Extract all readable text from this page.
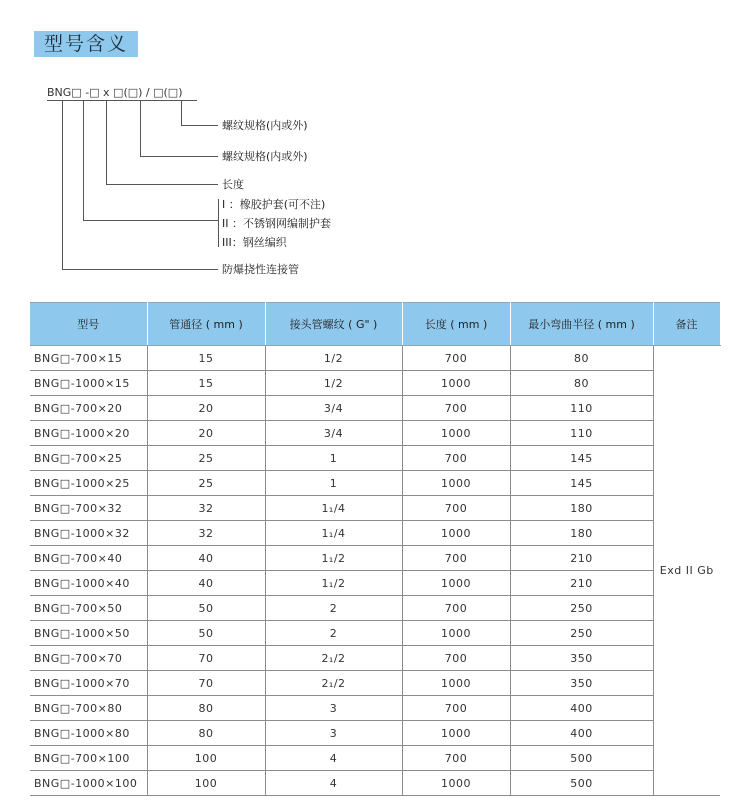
型号含义
BNG□ -□ x □(□) / □(□)
螺纹规格(内或外)
螺纹规格(内或外)
长度
I ：橡胶护套(可不注)
II ：不锈钢网编制护套
III：钢丝编织
防爆挠性连接管
型号	管通径 ( mm )	接头管螺纹 ( G" )	长度 ( mm )	最小弯曲半径 ( mm )	备注
BNG□-700×15	15	1/2	700	80	Exd II Gb
BNG□-1000×15	15	1/2	1000	80	
BNG□-700×20	20	3/4	700	110	
BNG□-1000×20	20	3/4	1000	110	
BNG□-700×25	25	1	700	145	
BNG□-1000×25	25	1	1000	145	
BNG□-700×32	32	1₁/4	700	180	
BNG□-1000×32	32	1₁/4	1000	180	
BNG□-700×40	40	1₁/2	700	210	
BNG□-1000×40	40	1₁/2	1000	210	
BNG□-700×50	50	2	700	250	
BNG□-1000×50	50	2	1000	250	
BNG□-700×70	70	2₁/2	700	350	
BNG□-1000×70	70	2₁/2	1000	350	
BNG□-700×80	80	3	700	400	
BNG□-1000×80	80	3	1000	400	
BNG□-700×100	100	4	700	500	
BNG□-1000×100	100	4	1000	500	
